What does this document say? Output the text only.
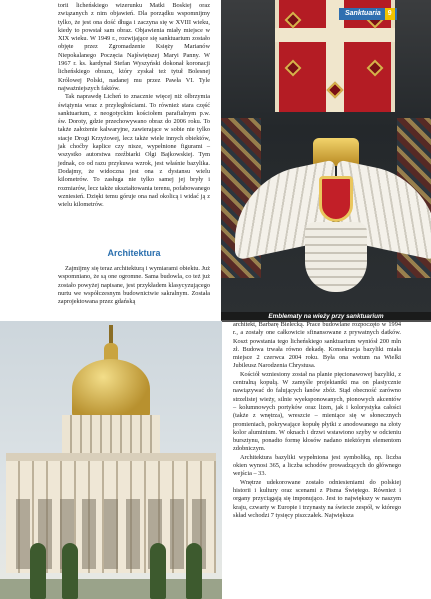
torii licheńskiego wizerunku Matki Boskiej oraz związanych z nim objawień. Dla porządku wspomnijmy tylko, że jest ona dość długa i zaczyna się w XVIII wieku, kiedy to powstał sam obraz. Objawienia miały miejsce w XIX wieku. W 1949 r., rozwijające się sanktuarium zostało objęte przez Zgromadzenie Księży Marianów Niepokalanego Poczęcia Najświętszej Maryi Panny. W 1967 r. ks. kardynał Stefan Wyszyński dokonał koronacji licheńskiego obrazu, który zyskał też tytuł Bolesnej Królowej Polski, nadanej mu przez Pawła VI. Tyle najważniejszych faktów.

Tak naprawdę Licheń to znacznie więcej niż olbrzymia świątynia wraz z przyległościami. To również stara część sanktuarium, z neogotyckim kościołem parafialnym p.w. św. Doroty, gdzie przechowywano obraz do 2006 roku. To także założenie kalwaryjne, zawierające w sobie nie tylko stacje Drogi Krzyżowej, lecz także wiele innych obiektów, jak choćby kaplice czy nisze, wypełnione figurami – wszystko autorstwa rzeźbiarki Olgi Bajkowskiej. Tym jednak, co od razu przykuwa wzrok, jest właśnie bazylika. Dodajmy, że widoczna jest ona z dystansu wielu kilometrów. To zasługa nie tylko samej jej bryły i rozmiarów, lecz także ukształtowania terenu, pofabowanego wzniesień. Dzięki temu góruje ona nad okolicą i widać ją z wielu kilometrów.

Architektura

Zajmijmy się teraz architekturą i wymiarami obiektu. Już wspomniano, że są one ogromne. Sama budowla, co też już zostało powyżej napisane, jest przykładem klasycyzującego nurtu we współczesnym budownictwie sakralnym. Została zaprojektowana przez gdańską

Sanktuaria	9
Emblematy na wieży przy sanktuarium

architekt, Barbarę Bielecką. Prace budowlane rozpoczęto w 1994 r., a zostały one całkowicie sfinansowane z prywatnych datków. Koszt powstania tego licheńskiego sanktuarium wyniósł 200 mln zł. Budowa trwała równo dekadę. Konsekracja bazyliki miała miejsce 2 czerwca 2004 roku. Była ona wotum na Wielki Jubileusz Narodzenia Chrystusa.

Kościół wzniesiony został na planie pięcionawowej bazyliki, z centralną kopułą. W zamyśle projektantki ma on plastycznie nawiązywać do falujących łanów zbóż. Stąd obecność zarówno strzelistej wieży, silnie wyeksponowanych, pionowych akcentów – kolumnowych portyków oraz lizen, jak i kolorystyka całości (także z wnętrza), wreszcie – mieniące się w słonecznych promieniach, pokrywające kopułę płytki z anodowanego na złoty kolor aluminium. W oknach i drzwi wstawiono szyby w odcieniu bursztynu, ponadto formę kłosów nadano niektórym elementom zdobniczym.

Architektura bazyliki wypełniona jest symboliką, np. liczba okien wynosi 365, a liczba schodów prowadzących do głównego wejścia – 33.

Wnętrze udekorowane zostało odniesieniami do polskiej historii i kultury oraz scenami z Pisma Świętego. Również i organy przyciągają się imponująco. Jest to największy w naszym kraju, czwarty w Europie i trzynasty na świecie zespół, w którego skład wchodzi 7 tysięcy piszczałek. Największa
